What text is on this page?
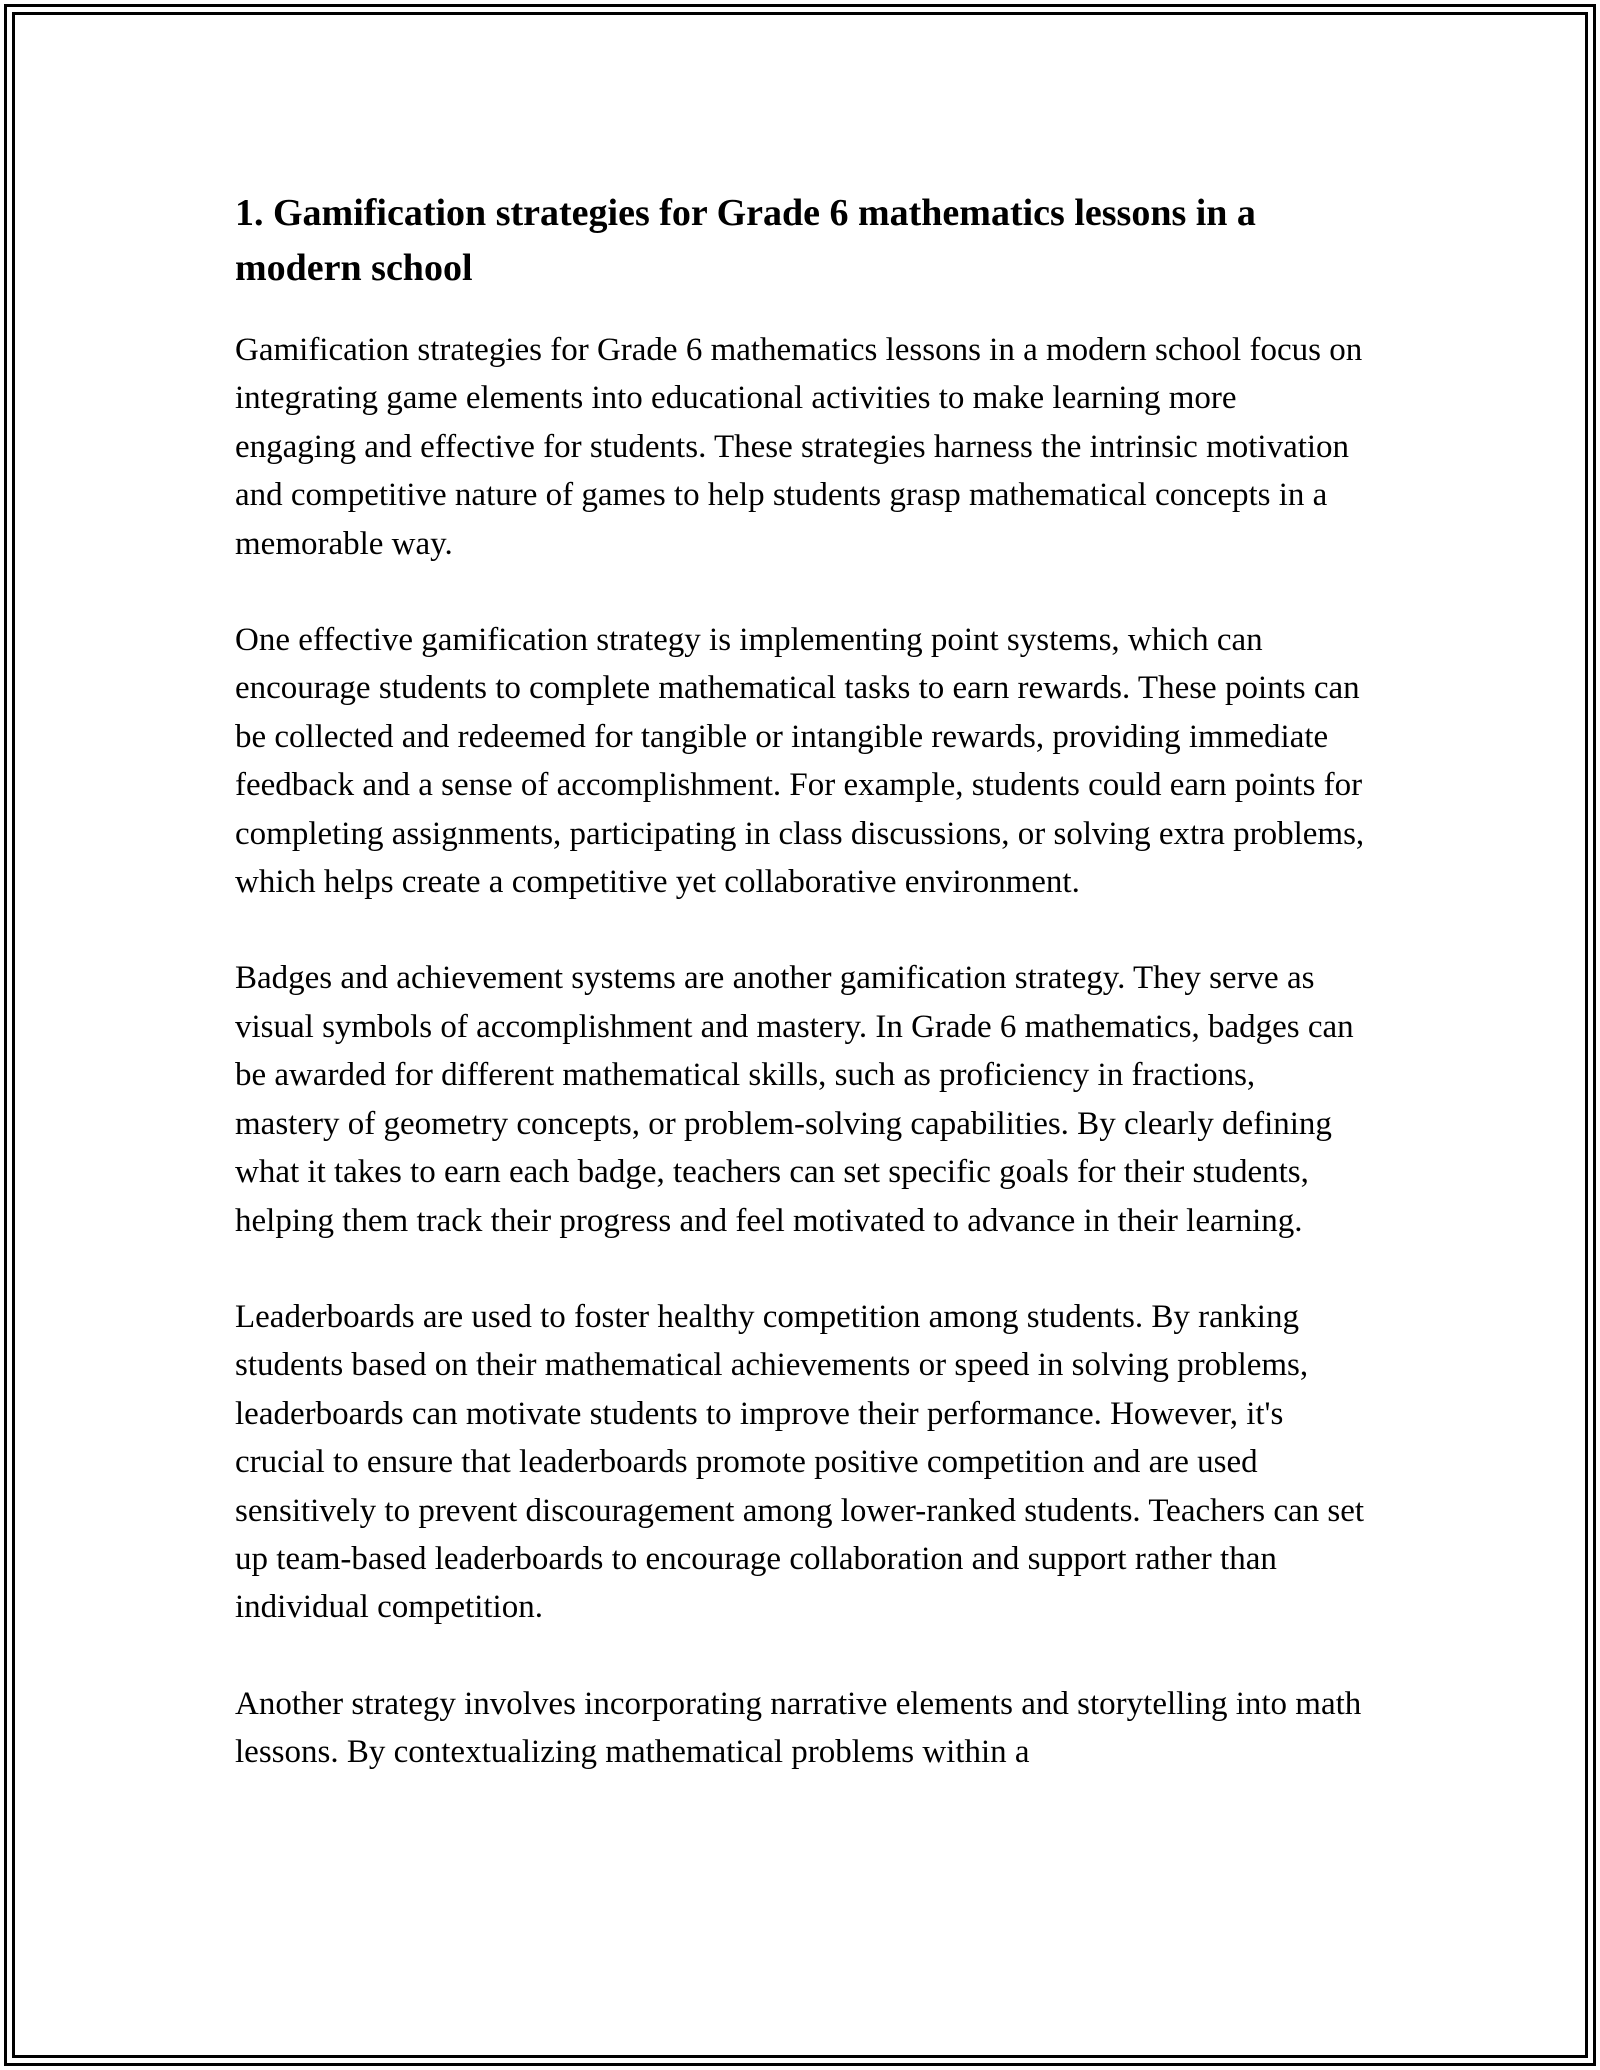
1. Gamification strategies for Grade 6 mathematics lessons in a modern school

Gamification strategies for Grade 6 mathematics lessons in a modern school focus on integrating game elements into educational activities to make learning more engaging and effective for students. These strategies harness the intrinsic motivation and competitive nature of games to help students grasp mathematical concepts in a memorable way.

One effective gamification strategy is implementing point systems, which can encourage students to complete mathematical tasks to earn rewards. These points can be collected and redeemed for tangible or intangible rewards, providing immediate feedback and a sense of accomplishment. For example, students could earn points for completing assignments, participating in class discussions, or solving extra problems, which helps create a competitive yet collaborative environment.

Badges and achievement systems are another gamification strategy. They serve as visual symbols of accomplishment and mastery. In Grade 6 mathematics, badges can be awarded for different mathematical skills, such as proficiency in fractions, mastery of geometry concepts, or problem-solving capabilities. By clearly defining what it takes to earn each badge, teachers can set specific goals for their students, helping them track their progress and feel motivated to advance in their learning.

Leaderboards are used to foster healthy competition among students. By ranking students based on their mathematical achievements or speed in solving problems, leaderboards can motivate students to improve their performance. However, it's crucial to ensure that leaderboards promote positive competition and are used sensitively to prevent discouragement among lower-ranked students. Teachers can set up team-based leaderboards to encourage collaboration and support rather than individual competition.

Another strategy involves incorporating narrative elements and storytelling into math lessons. By contextualizing mathematical problems within a
